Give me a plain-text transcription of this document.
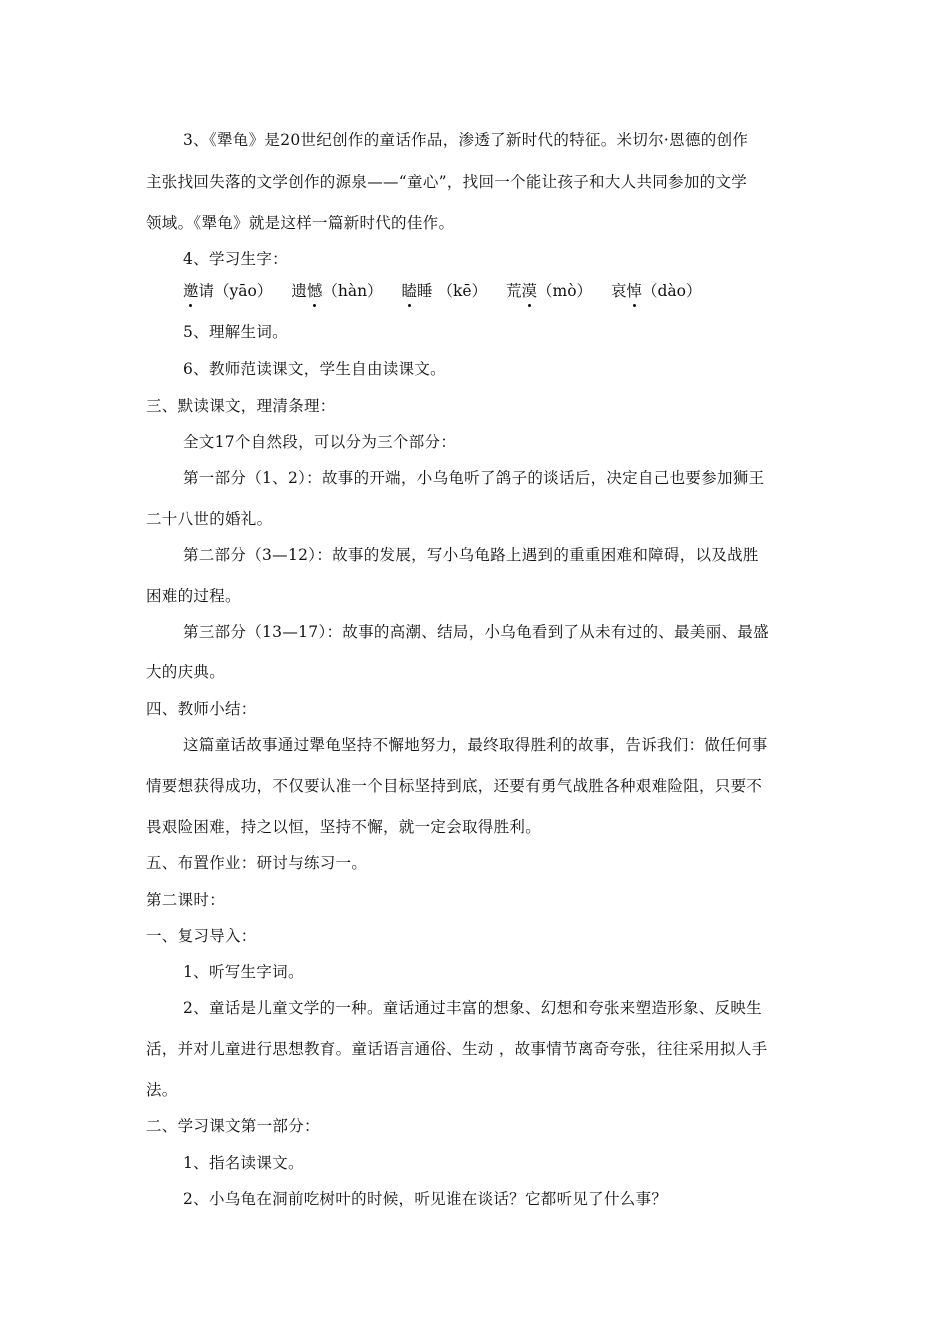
3、《犟龟》是20世纪创作的童话作品，渗透了新时代的特征。米切尔·恩德的创作
主张找回失落的文学创作的源泉——“童心”，找回一个能让孩子和大人共同参加的文学
领域。《犟龟》就是这样一篇新时代的佳作。
4、学习生字：
邀请（yāo） 遗憾（hàn） 瞌睡 （kē） 荒漠（mò） 哀悼（dào）
5、理解生词。
6、教师范读课文，学生自由读课文。
三、默读课文，理清条理：
全文17个自然段，可以分为三个部分：
第一部分（1、2）：故事的开端，小乌龟听了鸽子的谈话后，决定自己也要参加狮王
二十八世的婚礼。
第二部分（3—12）：故事的发展，写小乌龟路上遇到的重重困难和障碍，以及战胜
困难的过程。
第三部分（13—17）：故事的高潮、结局，小乌龟看到了从未有过的、最美丽、最盛
大的庆典。
四、教师小结：
这篇童话故事通过犟龟坚持不懈地努力，最终取得胜利的故事，告诉我们：做任何事
情要想获得成功，不仅要认准一个目标坚持到底，还要有勇气战胜各种艰难险阻，只要不
畏艰险困难，持之以恒，坚持不懈，就一定会取得胜利。
五、布置作业：研讨与练习一。
第二课时：
一、复习导入：
1、听写生字词。
2、童话是儿童文学的一种。童话通过丰富的想象、幻想和夸张来塑造形象、反映生
活，并对儿童进行思想教育。童话语言通俗、生动 ，故事情节离奇夸张，往往采用拟人手
法。
二、学习课文第一部分：
1、指名读课文。
2、小乌龟在洞前吃树叶的时候，听见谁在谈话？它都听见了什么事？
